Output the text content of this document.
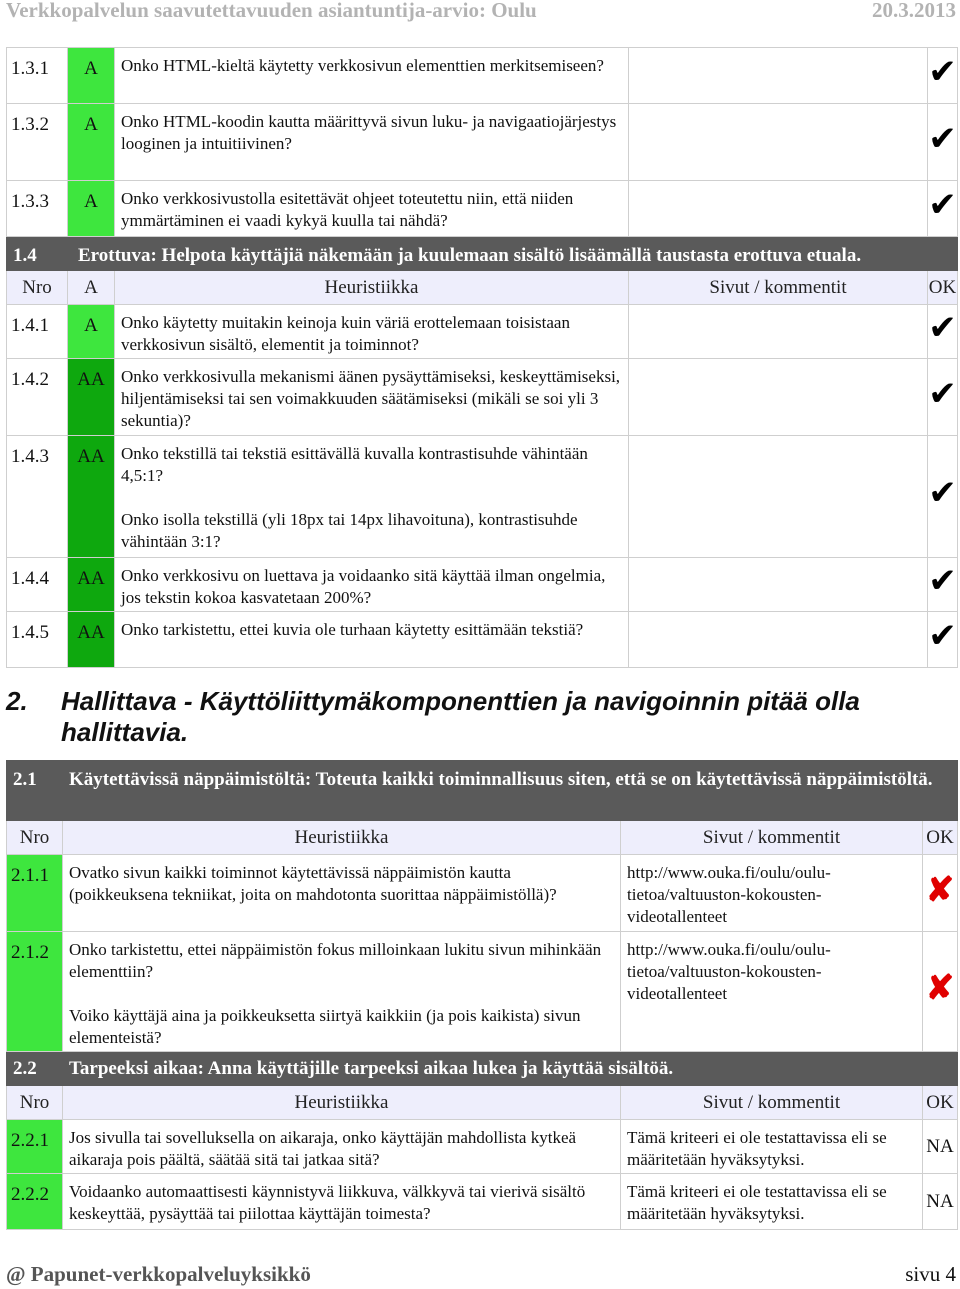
Verkkopalvelun saavutettavuuden asiantuntija-arvio: Oulu	20.3.2013
1.3.1	A	Onko HTML-kieltä käytetty verkkosivun elementtien merkitsemiseen?		✔
1.3.2	A	Onko HTML-koodin kautta määrittyvä sivun luku- ja navigaatiojärjestys looginen ja intuitiivinen?		✔
1.3.3	A	Onko verkkosivustolla esitettävät ohjeet toteutettu niin, että niiden ymmärtäminen ei vaadi kykyä kuulla tai nähdä?		✔
1.4	Erottuva: Helpota käyttäjiä näkemään ja kuulemaan sisältö lisäämällä taustasta erottuva etuala.			
Nro	A	Heuristiikka	Sivut / kommentit	OK
1.4.1	A	Onko käytetty muitakin keinoja kuin väriä erottelemaan toisistaan verkkosivun sisältö, elementit ja toiminnot?		✔
1.4.2	AA	Onko verkkosivulla mekanismi äänen pysäyttämiseksi, keskeyttämiseksi, hiljentämiseksi tai sen voimakkuuden säätämiseksi (mikäli se soi yli 3 sekuntia)?		✔
1.4.3	AA	Onko tekstillä tai tekstiä esittävällä kuvalla kontrastisuhde vähintään 4,5:1?

Onko isolla tekstillä (yli 18px tai 14px lihavoituna), kontrastisuhde vähintään 3:1?		✔
1.4.4	AA	Onko verkkosivu on luettava ja voidaanko sitä käyttää ilman ongelmia, jos tekstin kokoa kasvatetaan 200%?		✔
1.4.5	AA	Onko tarkistettu, ettei kuvia ole turhaan käytetty esittämään tekstiä?		✔
2.	Hallittava - Käyttöliittymäkomponenttien ja navigoinnin pitää olla hallittavia.
2.1	Käytettävissä näppäimistöltä: Toteuta kaikki toiminnallisuus siten, että se on käytettävissä näppäimistöltä.		
Nro	Heuristiikka	Sivut / kommentit	OK
2.1.1	Ovatko sivun kaikki toiminnot käytettävissä näppäimistön kautta (poikkeuksena tekniikat, joita on mahdotonta suorittaa näppäimistöllä)?	http://www.ouka.fi/oulu/oulu-tietoa/valtuuston-kokousten-videotallenteet	✘
2.1.2	Onko tarkistettu, ettei näppäimistön fokus milloinkaan lukitu sivun mihinkään elementtiin?

Voiko käyttäjä aina ja poikkeuksetta siirtyä kaikkiin (ja pois kaikista) sivun elementeistä?	http://www.ouka.fi/oulu/oulu-tietoa/valtuuston-kokousten-videotallenteet	✘
2.2	Tarpeeksi aikaa: Anna käyttäjille tarpeeksi aikaa lukea ja käyttää sisältöä.		
Nro	Heuristiikka	Sivut / kommentit	OK
2.2.1	Jos sivulla tai sovelluksella on aikaraja, onko käyttäjän mahdollista kytkeä aikaraja pois päältä, säätää sitä tai jatkaa sitä?	Tämä kriteeri ei ole testattavissa eli se määritetään hyväksytyksi.	NA
2.2.2	Voidaanko automaattisesti käynnistyvä liikkuva, välkkyvä tai vierivä sisältö keskeyttää, pysäyttää tai piilottaa käyttäjän toimesta?	Tämä kriteeri ei ole testattavissa eli se määritetään hyväksytyksi.	NA
@ Papunet-verkkopalveluyksikkö	sivu 4
